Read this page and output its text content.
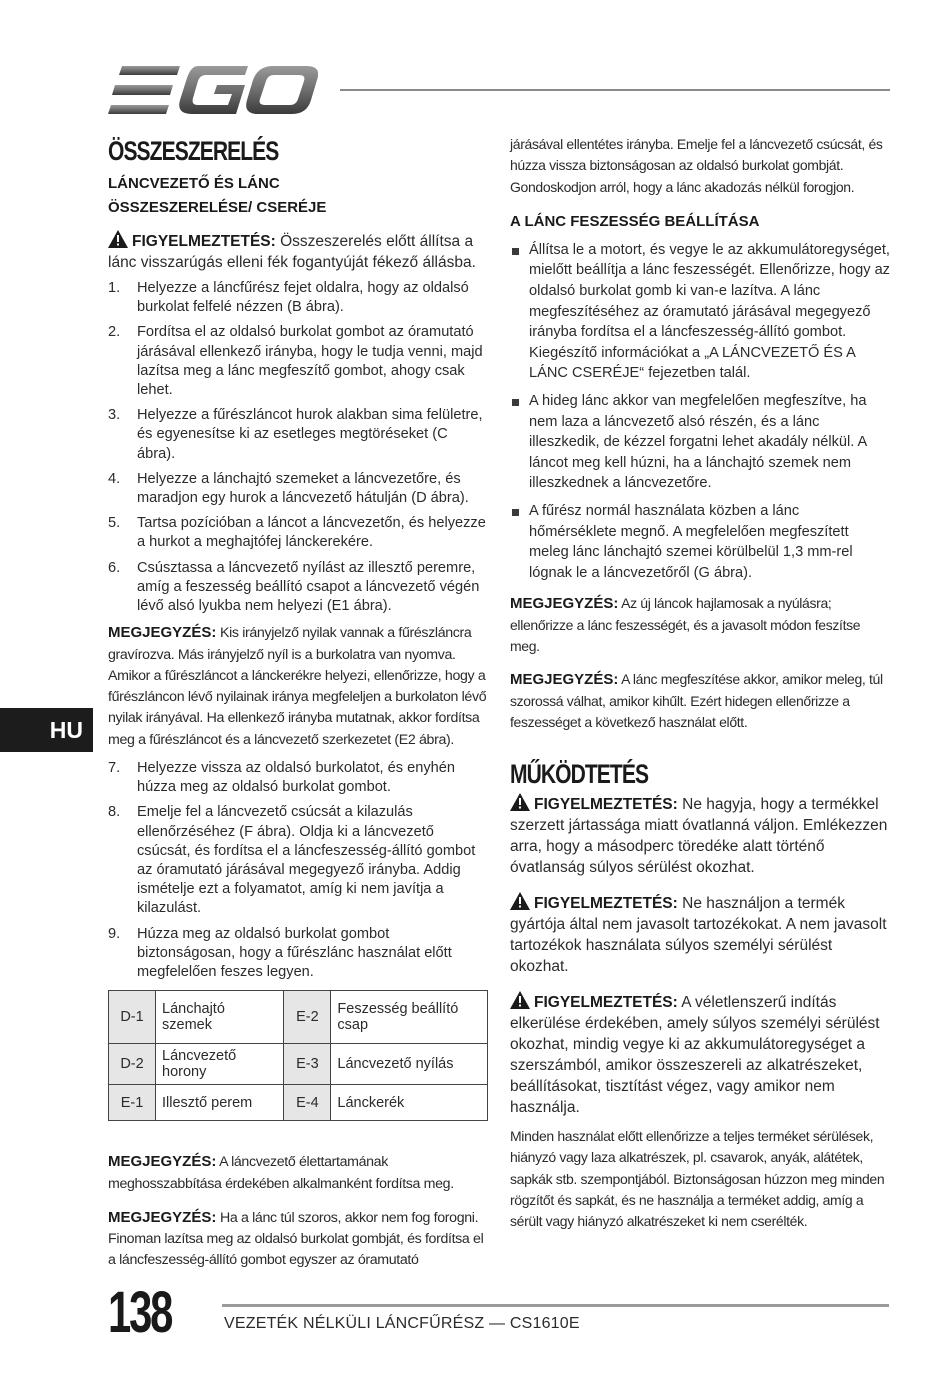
HU
ÖSSZESZERELÉS
LÁNCVEZETŐ ÉS LÁNC ÖSSZESZERELÉSE/ CSERÉJE

FIGYELMEZTETÉS: Összeszerelés előtt állítsa a lánc visszarúgás elleni fék fogantyúját fékező állásba.

1. Helyezze a láncfűrész fejet oldalra, hogy az oldalsó burkolat felfelé nézzen (B ábra).
2. Fordítsa el az oldalsó burkolat gombot az óramutató járásával ellenkező irányba, hogy le tudja venni, majd lazítsa meg a lánc megfeszítő gombot, ahogy csak lehet.
3. Helyezze a fűrészláncot hurok alakban sima felületre, és egyenesítse ki az esetleges megtöréseket (C ábra).
4. Helyezze a lánchajtó szemeket a láncvezetőre, és maradjon egy hurok a láncvezető hátulján (D ábra).
5. Tartsa pozícióban a láncot a láncvezetőn, és helyezze a hurkot a meghajtófej lánckerekére.
6. Csúsztassa a láncvezető nyílást az illesztő peremre, amíg a feszesség beállító csapot a láncvezető végén lévő alsó lyukba nem helyezi (E1 ábra).

MEGJEGYZÉS: Kis irányjelző nyilak vannak a fűrészláncra gravírozva. Más irányjelző nyíl is a burkolatra van nyomva. Amikor a fűrészláncot a lánckerékre helyezi, ellenőrizze, hogy a fűrészláncon lévő nyilainak iránya megfeleljen a burkolaton lévő nyilak irányával. Ha ellenkező irányba mutatnak, akkor fordítsa meg a fűrészláncot és a láncvezető szerkezetet (E2 ábra).

7. Helyezze vissza az oldalsó burkolatot, és enyhén húzza meg az oldalsó burkolat gombot.
8. Emelje fel a láncvezető csúcsát a kilazulás ellenőrzéséhez (F ábra). Oldja ki a láncvezető csúcsát, és fordítsa el a láncfeszesség-állító gombot az óramutató járásával megegyező irányba. Addig ismételje ezt a folyamatot, amíg ki nem javítja a kilazulást.
9. Húzza meg az oldalsó burkolat gombot biztonságosan, hogy a fűrészlánc használat előtt megfelelően feszes legyen.
D-1	Lánchajtó szemek	E-2	Feszesség beállító csap
D-2	Láncvezető horony	E-3	Láncvezető nyílás
E-1	Illesztő perem	E-4	Lánckerék

MEGJEGYZÉS: A láncvezető élettartamának meghosszabbítása érdekében alkalmanként fordítsa meg.

MEGJEGYZÉS: Ha a lánc túl szoros, akkor nem fog forogni. Finoman lazítsa meg az oldalsó burkolat gombját, és fordítsa el a láncfeszesség-állító gombot egyszer az óramutató

járásával ellentétes irányba. Emelje fel a láncvezető csúcsát, és húzza vissza biztonságosan az oldalsó burkolat gombját. Gondoskodjon arról, hogy a lánc akadozás nélkül forogjon.

A LÁNC FESZESSÉG BEÁLLÍTÁSA
Állítsa le a motort, és vegye le az akkumulátoregységet, mielőtt beállítja a lánc feszességét. Ellenőrizze, hogy az oldalsó burkolat gomb ki van-e lazítva. A lánc megfeszítéséhez az óramutató járásával megegyező irányba fordítsa el a láncfeszesség-állító gombot. Kiegészítő információkat a „A LÁNCVEZETŐ ÉS A LÁNC CSERÉJE“ fejezetben talál.
A hideg lánc akkor van megfelelően megfeszítve, ha nem laza a láncvezető alsó részén, és a lánc illeszkedik, de kézzel forgatni lehet akadály nélkül. A láncot meg kell húzni, ha a lánchajtó szemek nem illeszkednek a láncvezetőre.
A fűrész normál használata közben a lánc hőmérséklete megnő. A megfelelően megfeszített meleg lánc lánchajtó szemei körülbelül 1,3 mm-rel lógnak le a láncvezetőről (G ábra).

MEGJEGYZÉS: Az új láncok hajlamosak a nyúlásra; ellenőrizze a lánc feszességét, és a javasolt módon feszítse meg.

MEGJEGYZÉS: A lánc megfeszítése akkor, amikor meleg, túl szorossá válhat, amikor kihűlt. Ezért hidegen ellenőrizze a feszességet a következő használat előtt.

MŰKÖDTETÉS

FIGYELMEZTETÉS: Ne hagyja, hogy a termékkel szerzett jártassága miatt óvatlanná váljon. Emlékezzen arra, hogy a másodperc töredéke alatt történő óvatlanság súlyos sérülést okozhat.

FIGYELMEZTETÉS: Ne használjon a termék gyártója által nem javasolt tartozékokat. A nem javasolt tartozékok használata súlyos személyi sérülést okozhat.

FIGYELMEZTETÉS: A véletlenszerű indítás elkerülése érdekében, amely súlyos személyi sérülést okozhat, mindig vegye ki az akkumulátoregységet a szerszámból, amikor összeszereli az alkatrészeket, beállításokat, tisztítást végez, vagy amikor nem használja.

Minden használat előtt ellenőrizze a teljes terméket sérülések, hiányzó vagy laza alkatrészek, pl. csavarok, anyák, alátétek, sapkák stb. szempontjából. Biztonságosan húzzon meg minden rögzítőt és sapkát, és ne használja a terméket addig, amíg a sérült vagy hiányzó alkatrészeket ki nem cserélték.

138	VEZETÉK NÉLKÜLI LÁNCFŰRÉSZ — CS1610E
